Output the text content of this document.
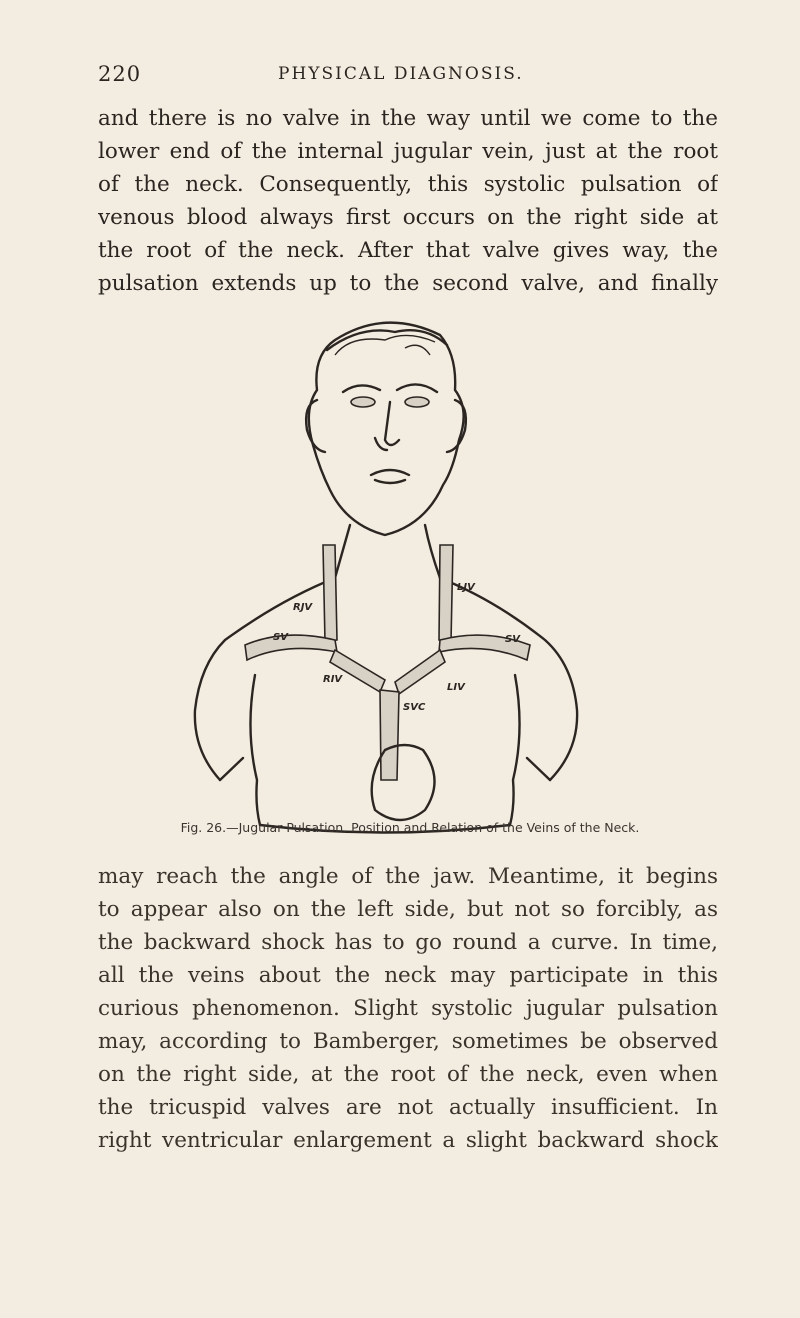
220	PHYSICAL DIAGNOSIS.

and there is no valve in the way until we come to the
lower end of the internal jugular vein, just at the root
of the neck. Consequently, this systolic pulsation of
venous blood always first occurs on the right side at
the root of the neck. After that valve gives way, the
pulsation extends up to the second valve, and finally

RJV
LJV
SV	SV
RIV
LIV
SVC
Fig. 26.—Jugular Pulsation. Position and Relation of the Veins of the Neck.

may reach the angle of the jaw. Meantime, it begins
to appear also on the left side, but not so forcibly, as
the backward shock has to go round a curve. In time,
all the veins about the neck may participate in this
curious phenomenon. Slight systolic jugular pulsation
may, according to Bamberger, sometimes be observed
on the right side, at the root of the neck, even when
the tricuspid valves are not actually insufficient. In
right ventricular enlargement a slight backward shock
